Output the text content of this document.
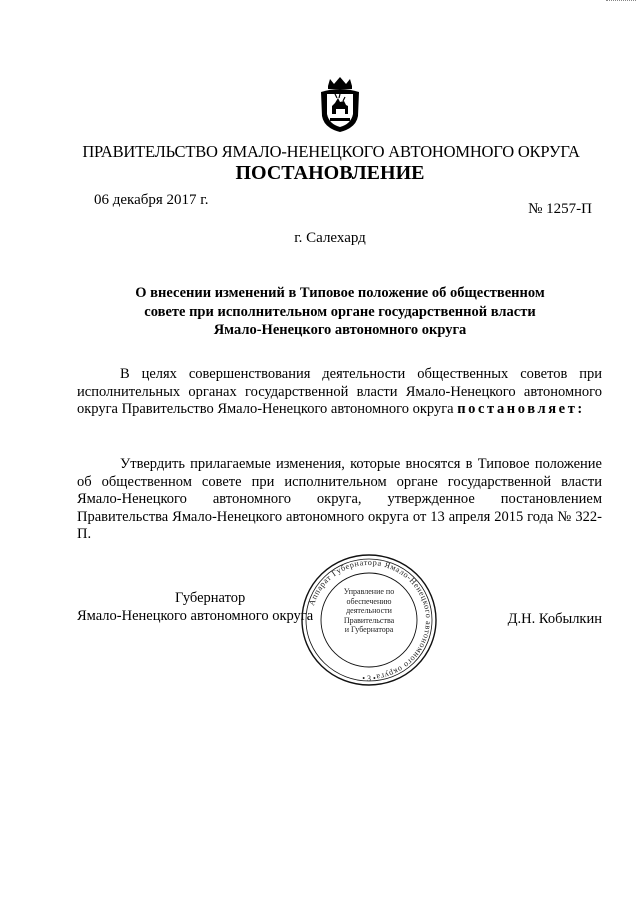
ПРАВИТЕЛЬСТВО ЯМАЛО-НЕНЕЦКОГО АВТОНОМНОГО ОКРУГА
ПОСТАНОВЛЕНИЕ
06 декабря 2017 г.
№ 1257-П
г. Салехард
О внесении изменений в Типовое положение об общественном
совете при исполнительном органе государственной власти
Ямало-Ненецкого автономного округа
В целях совершенствования деятельности общественных советов при исполнительных органах государственной власти Ямало-Ненецкого автономного округа Правительство Ямало-Ненецкого автономного округа постановляет:
Утвердить прилагаемые изменения, которые вносятся в Типовое положение об общественном совете при исполнительном органе государственной власти Ямало-Ненецкого автономного округа, утвержденное постановлением Правительства Ямало-Ненецкого автономного округа от 13 апреля 2015 года № 322-П.
Губернатор
Ямало-Ненецкого автономного округа	Д.Н. Кобылкин
Аппарат Губернатора Ямало-Ненецкого автономного округа
• 3 •
Управление по
обеспечению
деятельности
Правительства
и Губернатора
